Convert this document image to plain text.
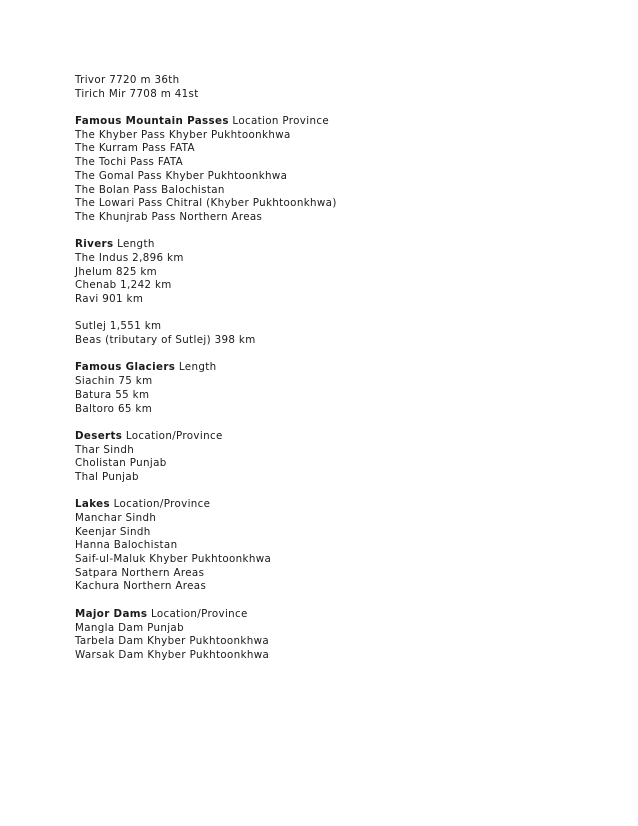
Trivor 7720 m 36th
Tirich Mir 7708 m 41st
Famous Mountain Passes Location Province
The Khyber Pass Khyber Pukhtoonkhwa
The Kurram Pass FATA
The Tochi Pass FATA
The Gomal Pass Khyber Pukhtoonkhwa
The Bolan Pass Balochistan
The Lowari Pass Chitral (Khyber Pukhtoonkhwa)
The Khunjrab Pass Northern Areas
Rivers Length
The Indus 2,896 km
Jhelum 825 km
Chenab 1,242 km
Ravi 901 km
Sutlej 1,551 km
Beas (tributary of Sutlej) 398 km
Famous Glaciers Length
Siachin 75 km
Batura 55 km
Baltoro 65 km
Deserts Location/Province
Thar Sindh
Cholistan Punjab
Thal Punjab
Lakes Location/Province
Manchar Sindh
Keenjar Sindh
Hanna Balochistan
Saif-ul-Maluk Khyber Pukhtoonkhwa
Satpara Northern Areas
Kachura Northern Areas
Major Dams Location/Province
Mangla Dam Punjab
Tarbela Dam Khyber Pukhtoonkhwa
Warsak Dam Khyber Pukhtoonkhwa
